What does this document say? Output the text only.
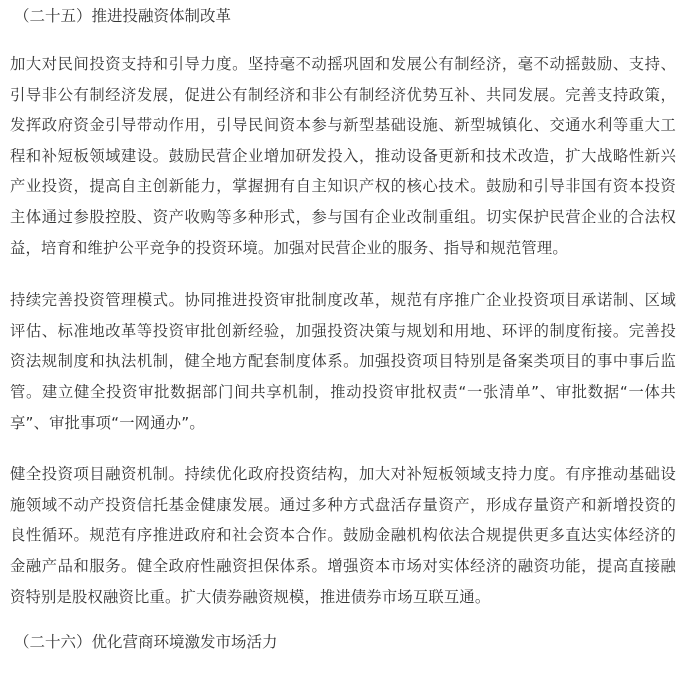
（二十五）推进投融资体制改革

加大对民间投资支持和引导力度。坚持毫不动摇巩固和发展公有制经济，毫不动摇鼓励、支持、引导非公有制经济发展，促进公有制经济和非公有制经济优势互补、共同发展。完善支持政策，发挥政府资金引导带动作用，引导民间资本参与新型基础设施、新型城镇化、交通水利等重大工程和补短板领域建设。鼓励民营企业增加研发投入，推动设备更新和技术改造，扩大战略性新兴产业投资，提高自主创新能力，掌握拥有自主知识产权的核心技术。鼓励和引导非国有资本投资主体通过参股控股、资产收购等多种形式，参与国有企业改制重组。切实保护民营企业的合法权益，培育和维护公平竞争的投资环境。加强对民营企业的服务、指导和规范管理。

持续完善投资管理模式。协同推进投资审批制度改革，规范有序推广企业投资项目承诺制、区域评估、标准地改革等投资审批创新经验，加强投资决策与规划和用地、环评的制度衔接。完善投资法规制度和执法机制，健全地方配套制度体系。加强投资项目特别是备案类项目的事中事后监管。建立健全投资审批数据部门间共享机制，推动投资审批权责“一张清单”、审批数据“一体共享”、审批事项“一网通办”。

健全投资项目融资机制。持续优化政府投资结构，加大对补短板领域支持力度。有序推动基础设施领域不动产投资信托基金健康发展。通过多种方式盘活存量资产，形成存量资产和新增投资的良性循环。规范有序推进政府和社会资本合作。鼓励金融机构依法合规提供更多直达实体经济的金融产品和服务。健全政府性融资担保体系。增强资本市场对实体经济的融资功能，提高直接融资特别是股权融资比重。扩大债券融资规模，推进债券市场互联互通。

（二十六）优化营商环境激发市场活力
